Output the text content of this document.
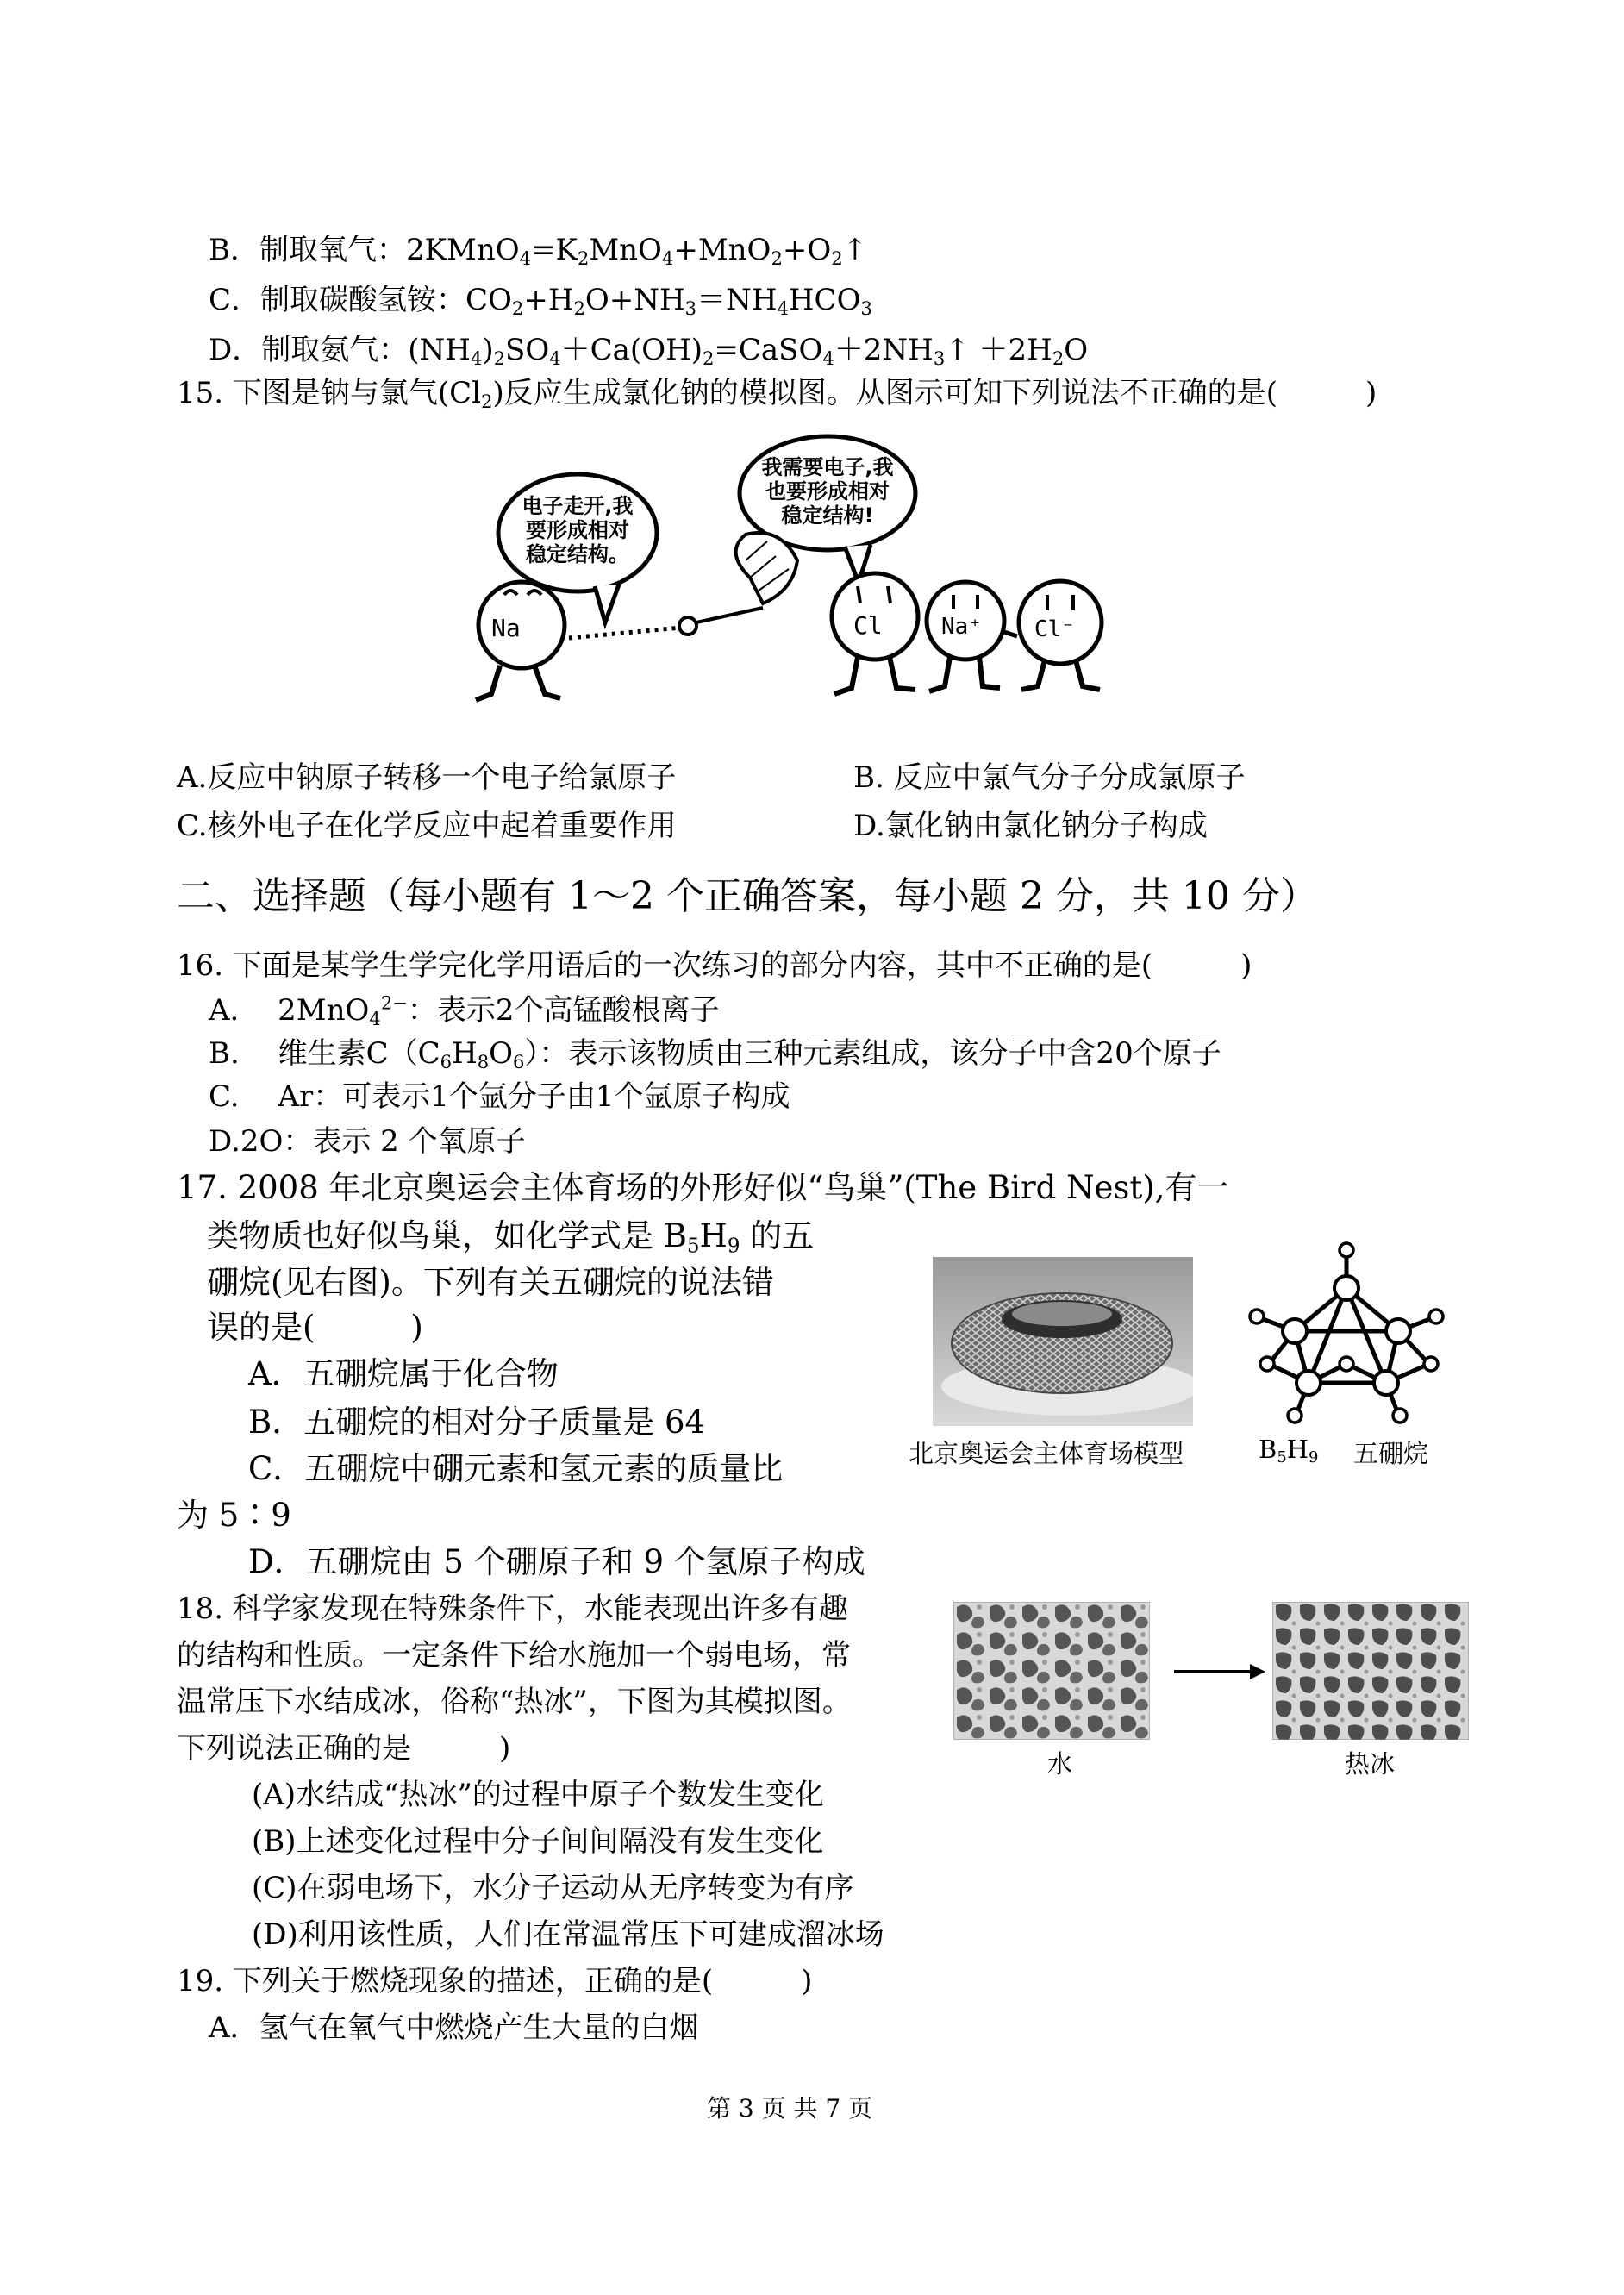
B．制取氧气：$2KMnO_4=K_2MnO_4+MnO_2+O_2↑$
C．制取碳酸氢铵：$CO_2+H_2O+NH_3=NH_4HCO_3$
D．制取氨气：$(NH_4)_2SO_4+Ca(OH)_2=CaSO_4+2NH_3↑ +2H_2O$
15. 下图是钠与氯气$(Cl_2)$反应生成氯化钠的模拟图。从图示可知下列说法不正确的是(　　　)
电子走开,我
要形成相对
稳定结构。
我需要电子,我
也要形成相对
稳定结构!
Na	Cl	Na⁺ Cl⁻
A.反应中钠原子转移一个电子给氯原子	B. 反应中氯气分子分成氯原子
C.核外电子在化学反应中起着重要作用	D.氯化钠由氯化钠分子构成
二、选择题（每小题有 1～2 个正确答案，每小题 2 分，共 10 分）
16. 下面是某学生学完化学用语后的一次练习的部分内容，其中不正确的是(　　　)
A.　 2MnO$_4^{2-}$：表示2个高锰酸根离子
B.　 维生素$C(C_6H_8O_6)$：表示该物质由三种元素组成，该分子中含20个原子
C.　 Ar：可表示1个氩分子由1个氩原子构成
D.2O：表示 2 个氧原子
17. 2008 年北京奥运会主体育场的外形好似“鸟巢”(The Bird Nest),有一
类物质也好似鸟巢，如化学式是 $B_5H_9$ 的五
硼烷(见右图)。下列有关五硼烷的说法错
误的是(　　　)
A．五硼烷属于化合物
B．五硼烷的相对分子质量是 64
C．五硼烷中硼元素和氢元素的质量比
为 5∶9
D．五硼烷由 5 个硼原子和 9 个氢原子构成
北京奥运会主体育场模型	$B_5H_9$ 五硼烷
18. 科学家发现在特殊条件下，水能表现出许多有趣
的结构和性质。一定条件下给水施加一个弱电场，常
温常压下水结成冰，俗称“热冰”，下图为其模拟图。
下列说法正确的是　　　)
(A)水结成“热冰”的过程中原子个数发生变化
(B)上述变化过程中分子间间隔没有发生变化
(C)在弱电场下，水分子运动从无序转变为有序
(D)利用该性质，人们在常温常压下可建成溜冰场
水	热冰
19. 下列关于燃烧现象的描述，正确的是(　　　)
A．氢气在氧气中燃烧产生大量的白烟
第 3 页 共 7 页
